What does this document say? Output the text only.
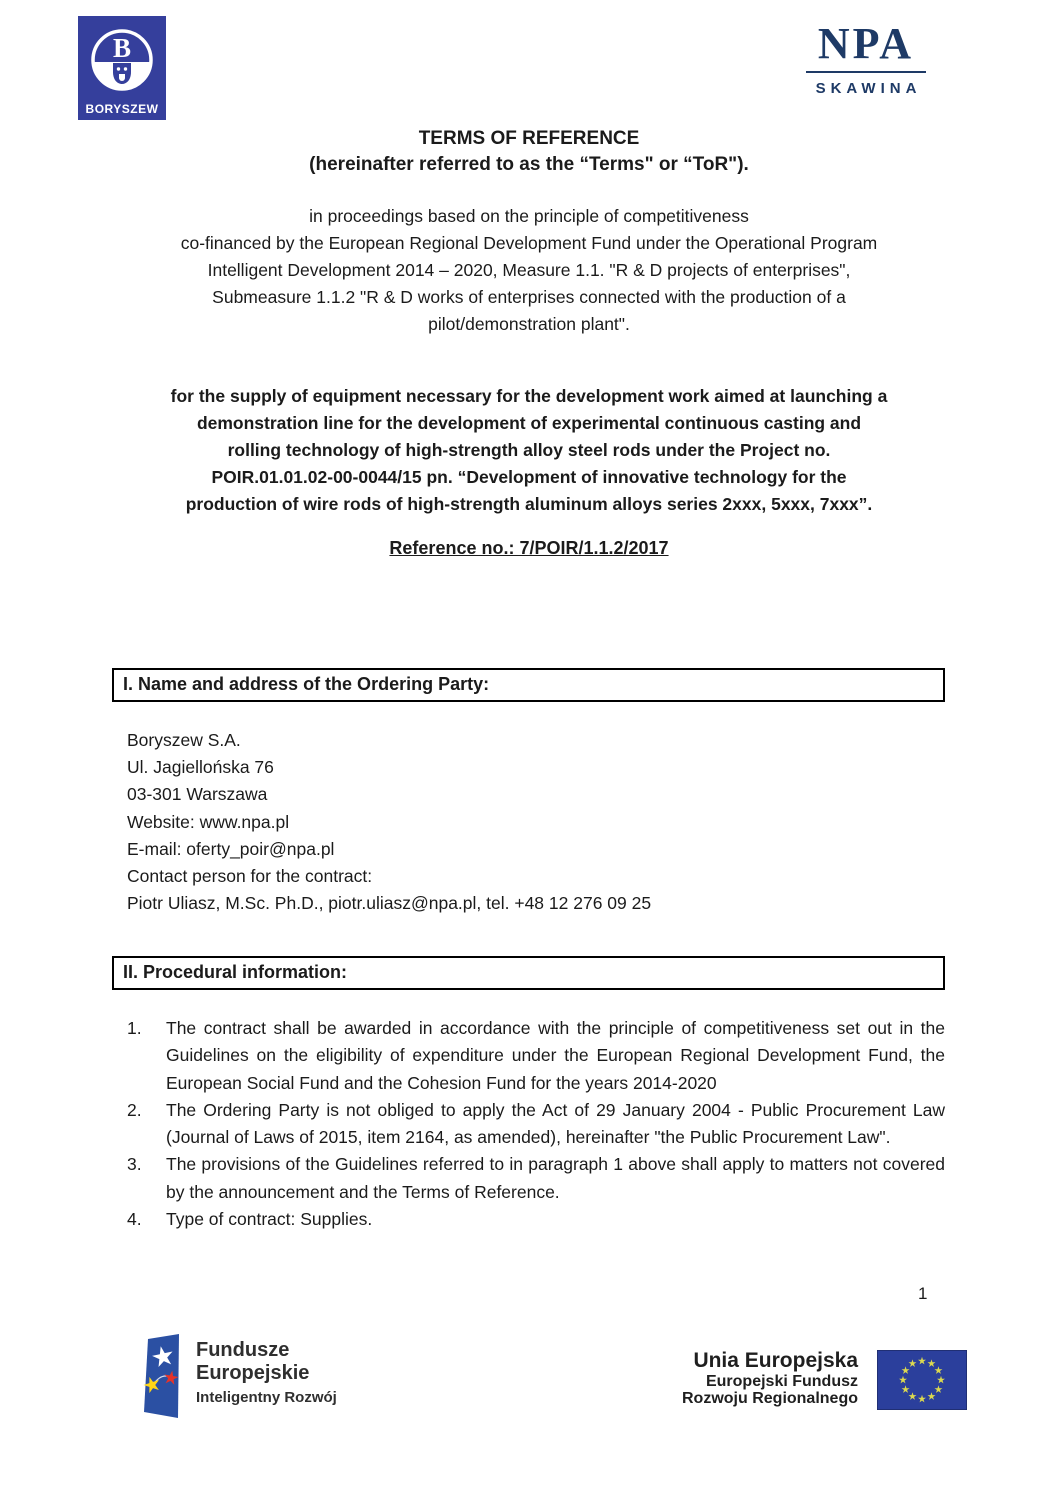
B
BORYSZEW
NPA
SKAWINA
TERMS OF REFERENCE
(hereinafter referred to as the “Terms" or “ToR").
in proceedings based on the principle of competitiveness
co-financed by the European Regional Development Fund under the Operational Program
Intelligent Development 2014 – 2020, Measure 1.1. "R & D projects of enterprises",
Submeasure 1.1.2 "R & D works of enterprises connected with the production of a
pilot/demonstration plant".
for the supply of equipment necessary for the development work aimed at launching a
demonstration line for the development of experimental continuous casting and
rolling technology of high-strength alloy steel rods under the Project no.
POIR.01.01.02-00-0044/15 pn. “Development of innovative technology for the
production of wire rods of high-strength aluminum alloys series 2xxx, 5xxx, 7xxx”.
Reference no.: 7/POIR/1.1.2/2017
I. Name and address of the Ordering Party:
Boryszew S.A.
Ul. Jagiellońska 76
03-301 Warszawa
Website: www.npa.pl
E-mail: oferty_poir@npa.pl
Contact person for the contract:
Piotr Uliasz, M.Sc. Ph.D., piotr.uliasz@npa.pl, tel. +48 12 276 09 25
II. Procedural information:
1.	The contract shall be awarded in accordance with the principle of competitiveness set out in the Guidelines on the eligibility of expenditure under the European Regional Development Fund, the European Social Fund and the Cohesion Fund for the years 2014-2020
2.	The Ordering Party is not obliged to apply the Act of 29 January 2004 - Public Procurement Law (Journal of Laws of 2015, item 2164, as amended), hereinafter "the Public Procurement Law".
3.	The provisions of the Guidelines referred to in paragraph 1 above shall apply to matters not covered by the announcement and the Terms of Reference.
4.	Type of contract: Supplies.
1
Fundusze
Europejskie
Inteligentny Rozwój
Unia Europejska
Europejski Fundusz
Rozwoju Regionalnego
